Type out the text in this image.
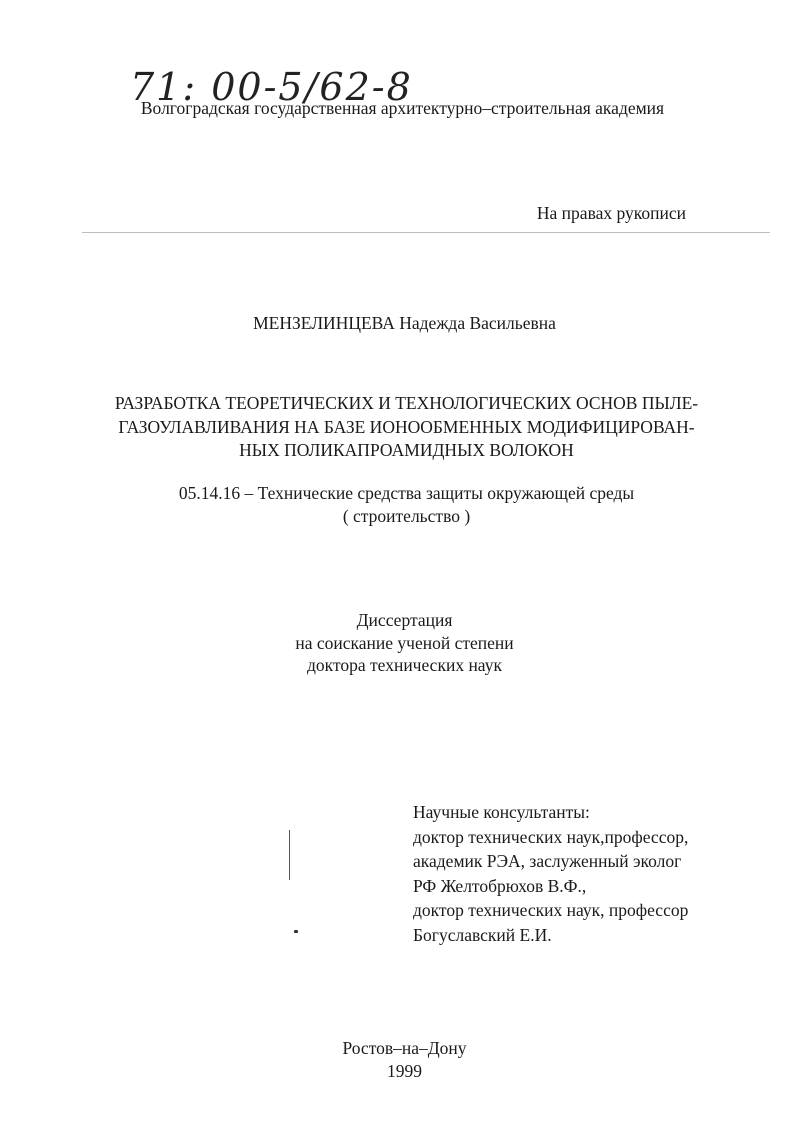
71: 00-5/62-8
Волгоградская государственная архитектурно–строительная академия
На правах рукописи
МЕНЗЕЛИНЦЕВА Надежда Васильевна
РАЗРАБОТКА ТЕОРЕТИЧЕСКИХ И ТЕХНОЛОГИЧЕСКИХ ОСНОВ ПЫЛЕ-
ГАЗОУЛАВЛИВАНИЯ НА БАЗЕ ИОНООБМЕННЫХ МОДИФИЦИРОВАН-
НЫХ ПОЛИКАПРОАМИДНЫХ ВОЛОКОН
05.14.16 – Технические средства защиты окружающей среды
( строительство )
Диссертация
на соискание ученой степени
доктора технических наук
Научные консультанты:
доктор технических наук,профессор,
академик РЭА, заслуженный эколог
РФ Желтобрюхов В.Ф.,
доктор технических наук, профессор
Богуславский Е.И.
Ростов–на–Дону
1999
